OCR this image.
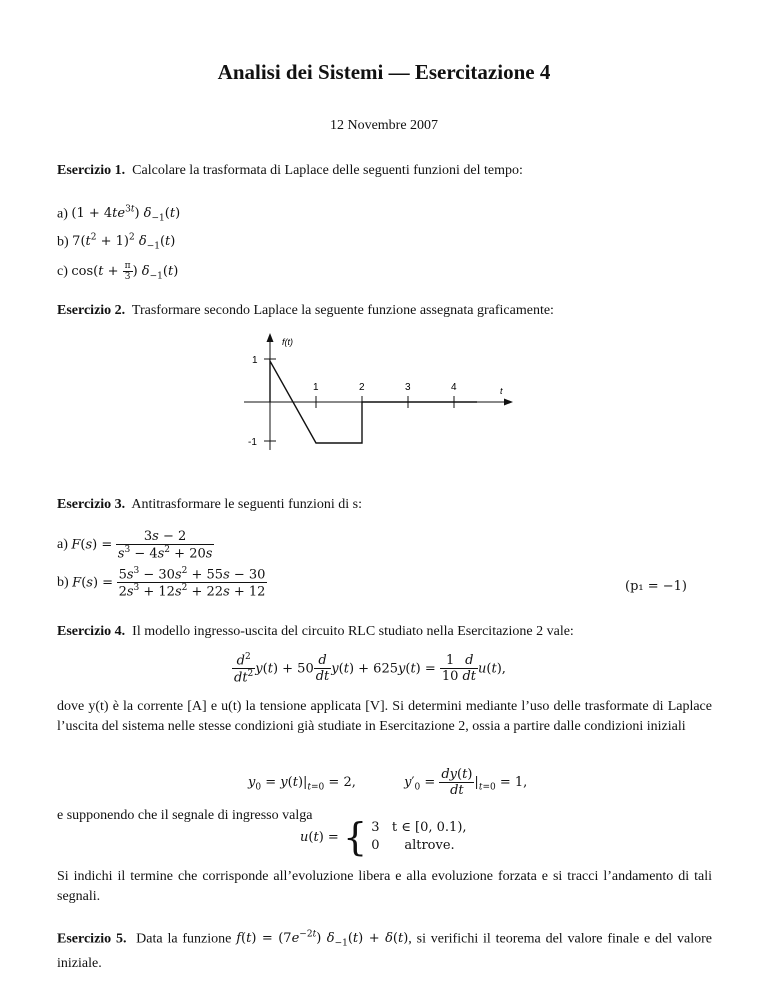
Analisi dei Sistemi — Esercitazione 4
12 Novembre 2007
Esercizio 1. Calcolare la trasformata di Laplace delle seguenti funzioni del tempo:
a) $(1 + 4te^{3t})$ $\delta_{-1}(t)$
b) $7(t^2 + 1)^2$ $\delta_{-1}(t)$
c) $\cos(t + \frac{\pi}{3}$ ) $\delta_{-1}(t)$
Esercizio 2. Trasformare secondo Laplace la seguente funzione assegnata graficamente:
1
-1
1	2	3	4
f(t)
t
Esercizio 3. Antitrasformare le seguenti funzioni di s:
a) $F(s) = \frac{3s - 2}{s^3 - 4s^2 + 20s}$
b) $F(s) = \frac{5s^3 - 30s^2 + 55s - 30}{2s^3 + 12s^2 + 22s + 12}$	(p₁ = −1)
Esercizio 4. Il modello ingresso-uscita del circuito RLC studiato nella Esercitazione 2 vale:
$\frac{d^2}{dt^2} y(t) + 50 \frac{d}{dt} y(t) + 625y(t) = \frac{1}{10} \frac{d}{dt} u(t)$,
dove y(t) è la corrente [A] e u(t) la tensione applicata [V]. Si determini mediante l’uso delle trasformate di Laplace l’uscita del sistema nelle stesse condizioni già studiate in Esercitazione 2, ossia a partire dalle condizioni iniziali
$y_0 = y(t)|_{t=0} = 2$,	$y'_0 = \frac{dy(t)}{dt} |_{t=0} = 1$,
e supponendo che il segnale di ingresso valga
u(t) = { 3   t ∈ [0, 0.1),
0      altrove.
Si indichi il termine che corrisponde all’evoluzione libera e alla evoluzione forzata e si tracci l’andamento di tali segnali.
Esercizio 5.  Data la funzione $f(t) = (7e^{-2t}) \delta_{-1}(t) + \delta(t)$, si verifichi il teorema del valore finale e del valore iniziale.
